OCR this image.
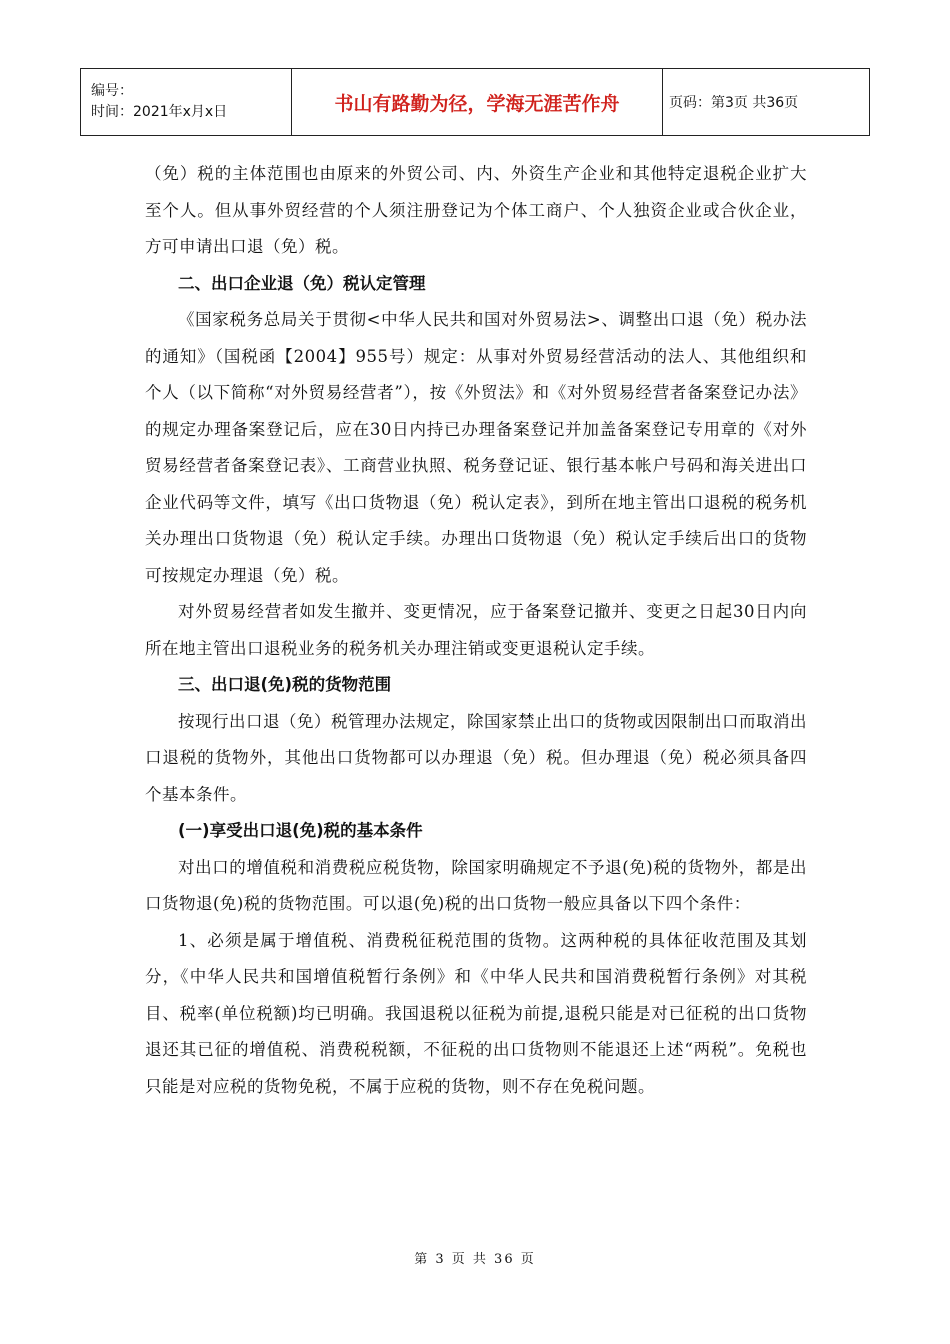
编号：
时间：2021年x月x日	书山有路勤为径，学海无涯苦作舟	页码：第3页 共36页

（免）税的主体范围也由原来的外贸公司、内、外资生产企业和其他特定退税企业扩大至个人。但从事外贸经营的个人须注册登记为个体工商户、个人独资企业或合伙企业，方可申请出口退（免）税。

二、出口企业退（免）税认定管理

《国家税务总局关于贯彻<中华人民共和国对外贸易法>、调整出口退（免）税办法的通知》（国税函【2004】955号）规定：从事对外贸易经营活动的法人、其他组织和个人（以下简称“对外贸易经营者”），按《外贸法》和《对外贸易经营者备案登记办法》的规定办理备案登记后，应在30日内持已办理备案登记并加盖备案登记专用章的《对外贸易经营者备案登记表》、工商营业执照、税务登记证、银行基本帐户号码和海关进出口企业代码等文件，填写《出口货物退（免）税认定表》，到所在地主管出口退税的税务机关办理出口货物退（免）税认定手续。办理出口货物退（免）税认定手续后出口的货物可按规定办理退（免）税。

对外贸易经营者如发生撤并、变更情况，应于备案登记撤并、变更之日起30日内向所在地主管出口退税业务的税务机关办理注销或变更退税认定手续。

三、出口退(免)税的货物范围

按现行出口退（免）税管理办法规定，除国家禁止出口的货物或因限制出口而取消出口退税的货物外，其他出口货物都可以办理退（免）税。但办理退（免）税必须具备四个基本条件。

(一)享受出口退(免)税的基本条件

对出口的增值税和消费税应税货物，除国家明确规定不予退(免)税的货物外，都是出口货物退(免)税的货物范围。可以退(免)税的出口货物一般应具备以下四个条件：

1、必须是属于增值税、消费税征税范围的货物。这两种税的具体征收范围及其划分，《中华人民共和国增值税暂行条例》和《中华人民共和国消费税暂行条例》对其税目、税率(单位税额)均已明确。我国退税以征税为前提,退税只能是对已征税的出口货物退还其已征的增值税、消费税税额，不征税的出口货物则不能退还上述“两税”。免税也只能是对应税的货物免税，不属于应税的货物，则不存在免税问题。

第 3 页 共 36 页
